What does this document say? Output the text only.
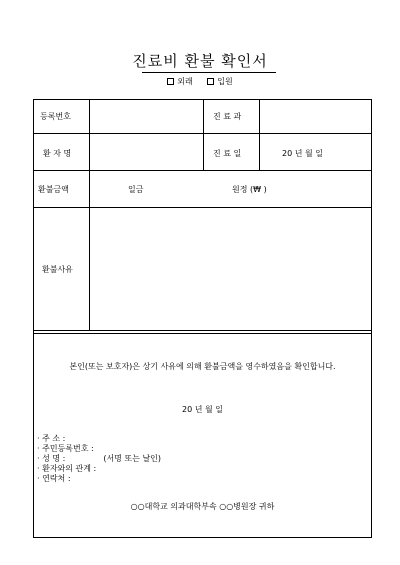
진료비 환불 확인서
외래	입원
등록번호	진 료 과
환 자 명	진 료 일	20 년 월 일
환불금액	일금	원정 (₩ )
환불사유
본인(또는 보호자)은 상기 사유에 의해 환불금액을 영수하였음을 확인합니다.
20 년 월 일
· 주 소 :
· 주민등록번호 :
· 성 명 :	(서명 또는 날인)
· 환자와의 관계 :
· 연락처 :
○○대학교 의과대학부속 ○○병원장 귀하
